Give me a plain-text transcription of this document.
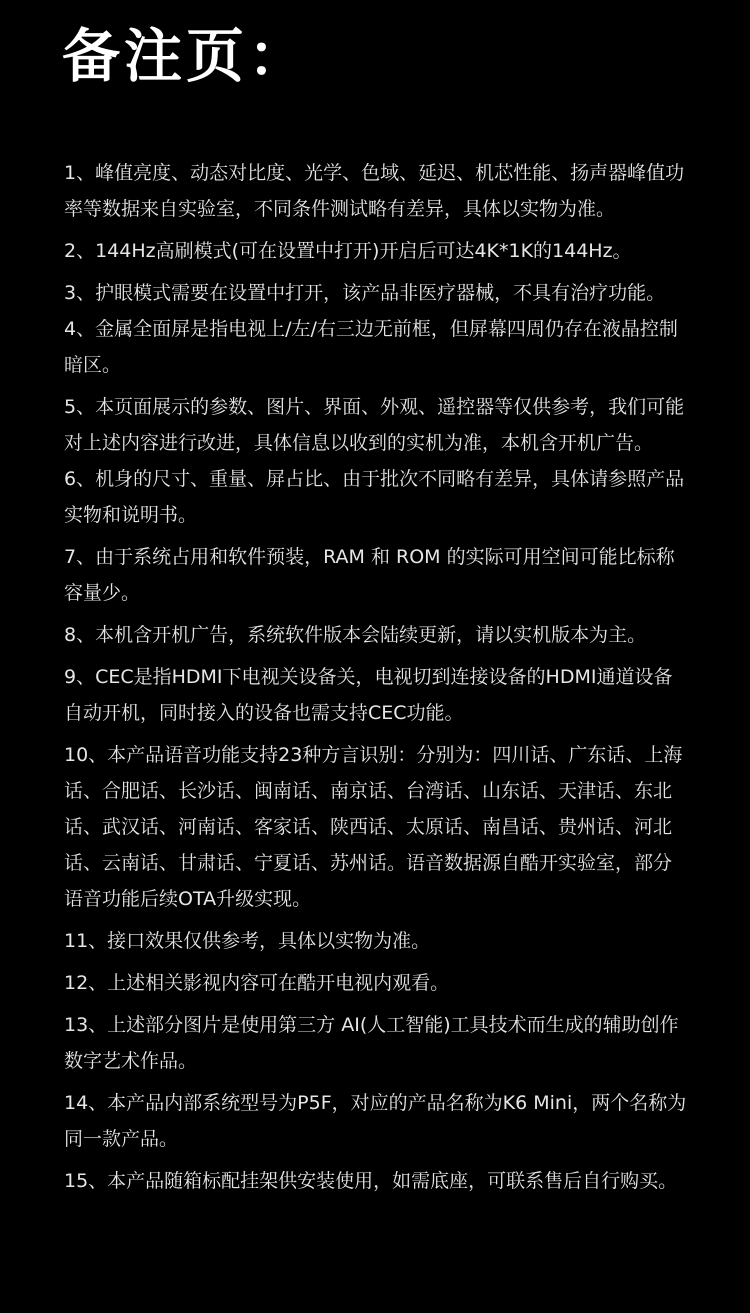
备注页：
1、峰值亮度、动态对比度、光学、色域、延迟、机芯性能、扬声器峰值功率等数据来自实验室，不同条件测试略有差异，具体以实物为准。
2、144Hz高刷模式(可在设置中打开)开启后可达4K*1K的144Hz。
3、护眼模式需要在设置中打开，该产品非医疗器械，不具有治疗功能。
4、金属全面屏是指电视上/左/右三边无前框，但屏幕四周仍存在液晶控制暗区。
5、本页面展示的参数、图片、界面、外观、遥控器等仅供参考，我们可能对上述内容进行改进，具体信息以收到的实机为准，本机含开机广告。
6、机身的尺寸、重量、屏占比、由于批次不同略有差异，具体请参照产品实物和说明书。
7、由于系统占用和软件预装，RAM 和 ROM 的实际可用空间可能比标称容量少。
8、本机含开机广告，系统软件版本会陆续更新，请以实机版本为主。
9、CEC是指HDMI下电视关设备关，电视切到连接设备的HDMI通道设备自动开机，同时接入的设备也需支持CEC功能。
10、本产品语音功能支持23种方言识别：分别为：四川话、广东话、上海话、合肥话、长沙话、闽南话、南京话、台湾话、山东话、天津话、东北话、武汉话、河南话、客家话、陕西话、太原话、南昌话、贵州话、河北话、云南话、甘肃话、宁夏话、苏州话。语音数据源自酷开实验室，部分语音功能后续OTA升级实现。
11、接口效果仅供参考，具体以实物为准。
12、上述相关影视内容可在酷开电视内观看。
13、上述部分图片是使用第三方 AI(人工智能)工具技术而生成的辅助创作数字艺术作品。
14、本产品内部系统型号为P5F，对应的产品名称为K6 Mini，两个名称为同一款产品。
15、本产品随箱标配挂架供安装使用，如需底座，可联系售后自行购买。
